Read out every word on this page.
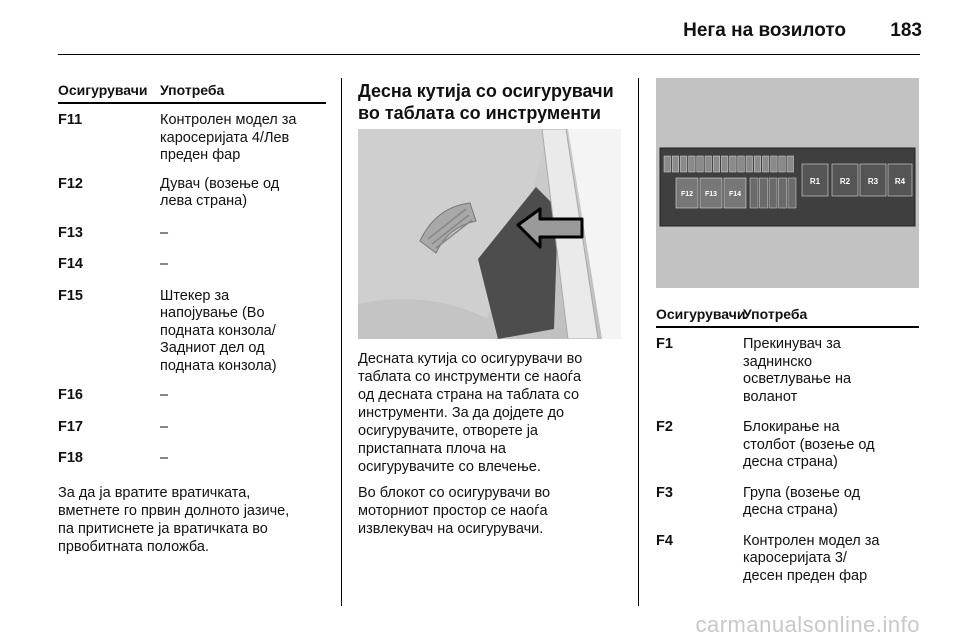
Нега на возилото 183
Осигурувачи Употреба
F11	Контролен модел за
каросеријата 4/Лев
преден фар
F12	Дувач (возење од
лева страна)
F13	–
F14	–
F15	Штекер за
напојување (Во
подната конзола/
Задниот дел од
подната конзола)
F16	–
F17	–
F18	–

За да ја вратите вратичката,
вметнете го првин долното јазиче,
па притиснете ја вратичката во
првобитната положба.

Десна кутија со осигурувачи
во таблата со инструменти

Десната кутија со осигурувачи во
таблата со инструменти се наоѓа
од десната страна на таблата со
инструменти. За да дојдете до
осигурувачите, отворете ја
пристапната плоча на
осигурувачите со влечење.

Во блокот со осигурувачи во
моторниот простор се наоѓа
извлекувач на осигурувачи.

F12 F13 F14
R1 R2 R3 R4
Осигурувачи
Употреба
F1	Прекинувач за
заднинско
осветлување на
воланот
F2	Блокирање на
столбот (возење од
десна страна)
F3	Група (возење од
десна страна)
F4	Контролен модел за
каросеријата 3/
десен преден фар
carmanualsonline.info
